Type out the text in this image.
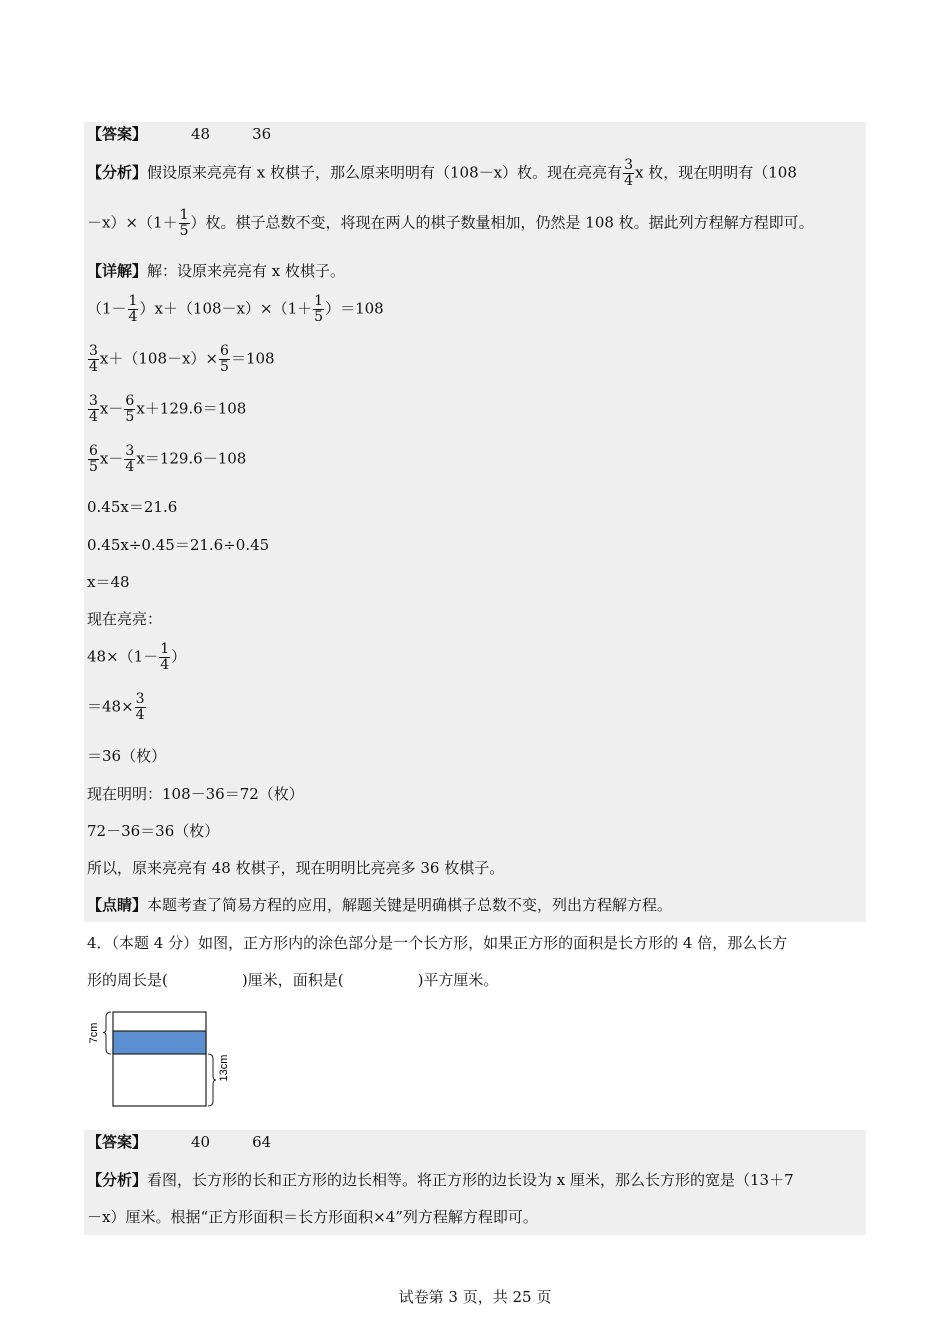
【答案】	48	36
【分析】假设原来亮亮有 x 枚棋子，那么原来明明有（108－x）枚。现在亮亮有 $\frac{3}{4}$ x 枚，现在明明有（108
$-x)\times(1+ \frac{1}{5}$ ）枚。棋子总数不变，将现在两人的棋子数量相加，仍然是 108 枚。据此列方程解方程即可。
【详解】解：设原来亮亮有 x 枚棋子。
$(1- \frac{1}{4} )x+(108-x)\times(1+ \frac{1}{5} )=108$
$\frac{3}{4} x+(108-x)\times \frac{6}{5} =108$
$\frac{3}{4} x- \frac{6}{5} x+129.6=108$
$\frac{6}{5} x- \frac{3}{4} x=129.6-108$
0.45x＝21.6
0.45x÷0.45＝21.6÷0.45
x＝48
现在亮亮：
$48\times(1- \frac{1}{4}$ ）
$=48\times \frac{3}{4}$
＝36（枚）
现在明明：108－36＝72（枚）
72－36＝36（枚）
所以，原来亮亮有 48 枚棋子，现在明明比亮亮多 36 枚棋子。
【点睛】本题考查了简易方程的应用，解题关键是明确棋子总数不变，列出方程解方程。
4．（本题 4 分）如图，正方形内的涂色部分是一个长方形，如果正方形的面积是长方形的 4 倍，那么长方
形的周长是(	)厘米，面积是(	)平方厘米。
7cm
13cm
【答案】	40	64
【分析】看图，长方形的长和正方形的边长相等。将正方形的边长设为 x 厘米，那么长方形的宽是（13＋7
－x）厘米。根据“正方形面积＝长方形面积×4”列方程解方程即可。
试卷第 3 页，共 25 页
